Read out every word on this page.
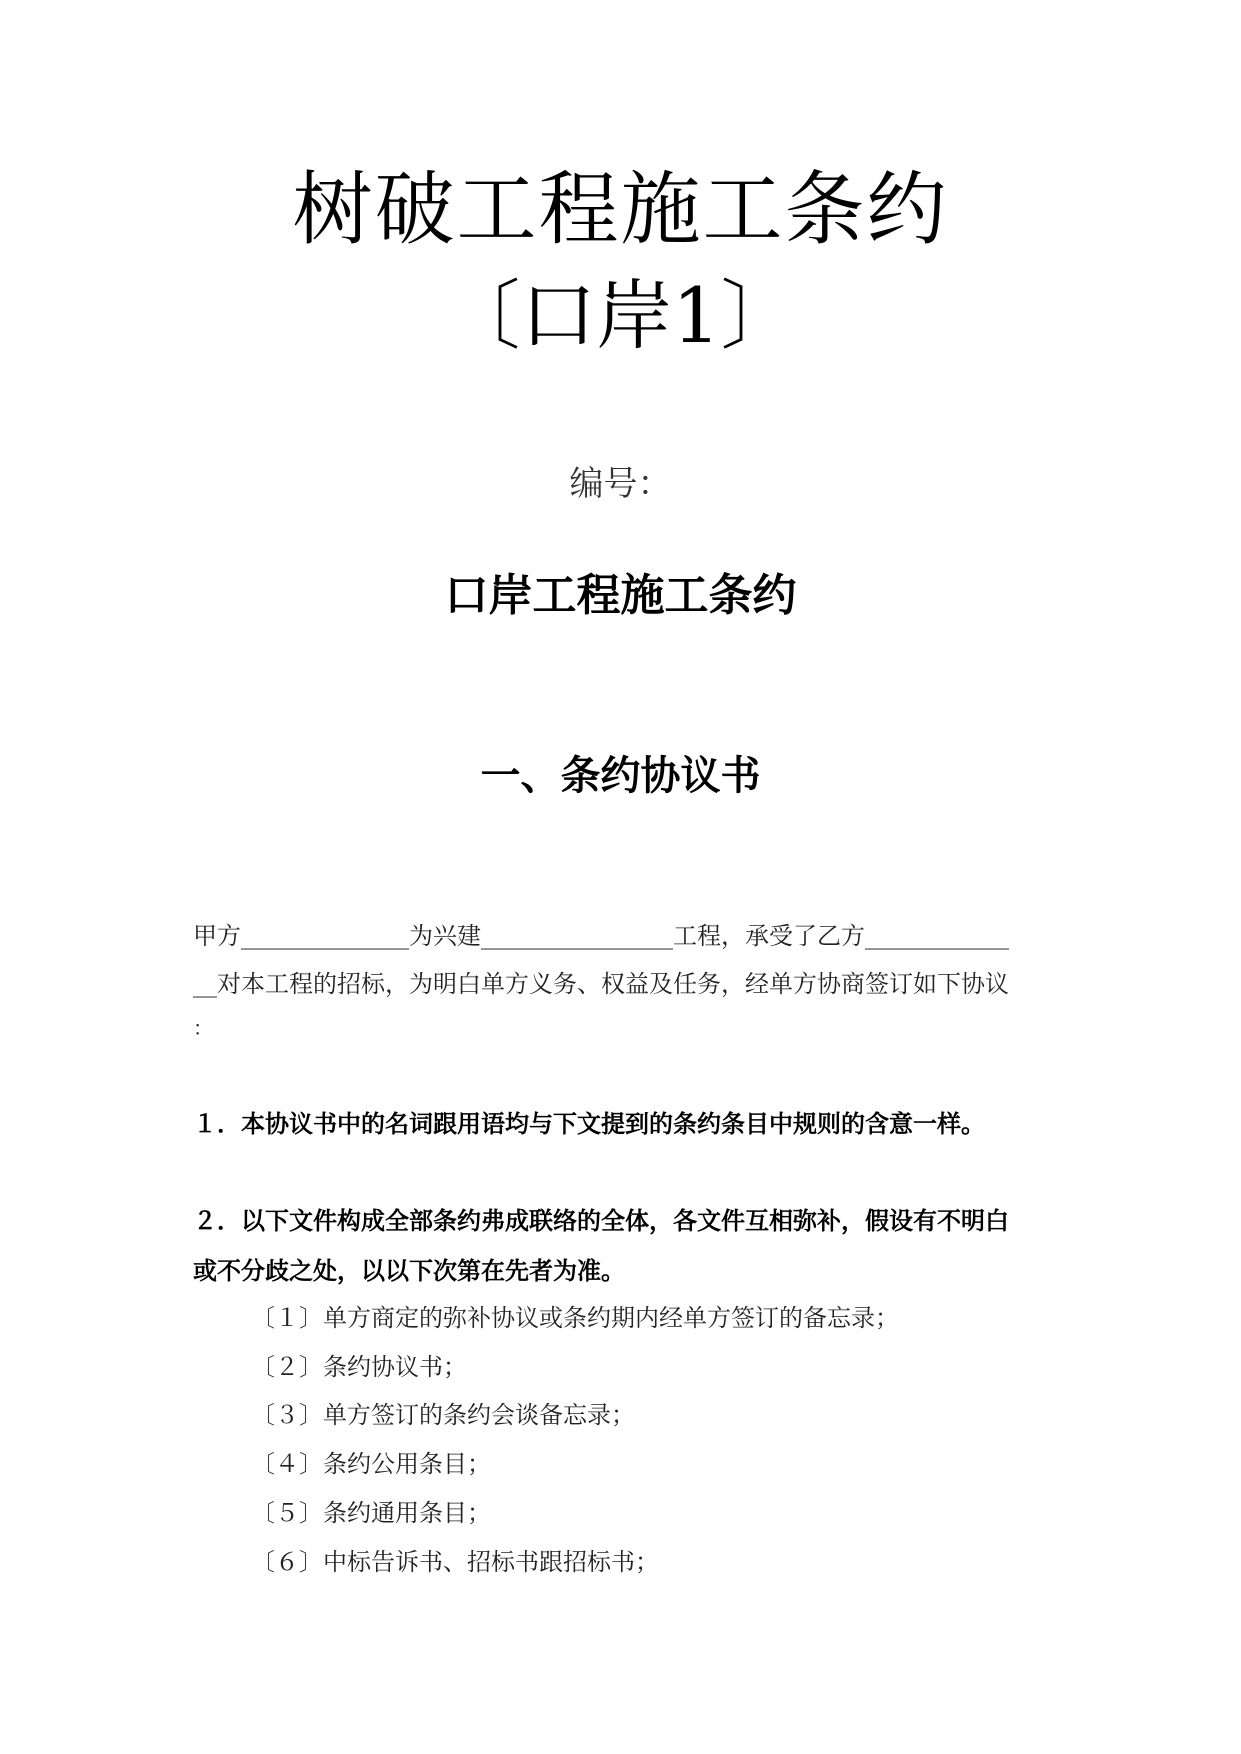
树破工程施工条约
〔口岸1〕
编号：
口岸工程施工条约
一、条约协议书
甲方______________为兴建________________工程，承受了乙方____________
__对本工程的招标，为明白单方义务、权益及任务，经单方协商签订如下协议
：
１．本协议书中的名词跟用语均与下文提到的条约条目中规则的含意一样。
２．以下文件构成全部条约弗成联络的全体，各文件互相弥补，假设有不明白
或不分歧之处，以以下次第在先者为准。
〔１〕单方商定的弥补协议或条约期内经单方签订的备忘录；
〔２〕条约协议书；
〔３〕单方签订的条约会谈备忘录；
〔４〕条约公用条目；
〔５〕条约通用条目；
〔６〕中标告诉书、招标书跟招标书；
